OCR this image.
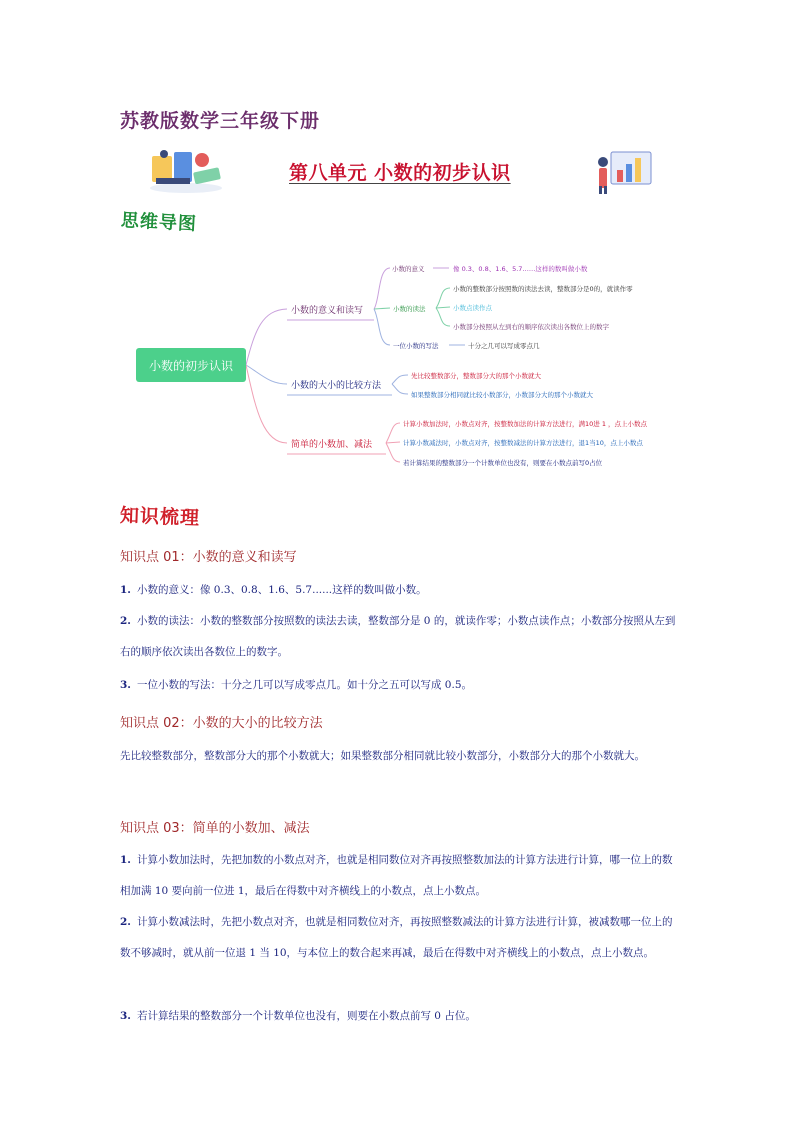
苏教版数学三年级下册
第八单元 小数的初步认识
思维导图
小数的初步认识
小数的意义和读写
小数的大小的比较方法
简单的小数加、减法
小数的意义	像 0.3、0.8、1.6、5.7……这样的数叫做小数
小数的读法
小数的整数部分按照数的读法去读，整数部分是0的，就读作零
小数点读作点
小数部分按照从左到右的顺序依次读出各数位上的数字
一位小数的写法	十分之几可以写成零点几
先比较整数部分，整数部分大的那个小数就大
如果整数部分相同就比较小数部分，小数部分大的那个小数就大
计算小数加法时，小数点对齐，按整数加法的计算方法进行，满10进 1 ，点上小数点
计算小数减法时，小数点对齐，按整数减法的计算方法进行，退1当10，点上小数点
若计算结果的整数部分一个计数单位也没有，则要在小数点前写0占位
知识梳理
知识点 01：小数的意义和读写
1. 小数的意义：像 0.3、0.8、1.6、5.7......这样的数叫做小数。
2. 小数的读法：小数的整数部分按照数的读法去读，整数部分是 0 的，就读作零；小数点读作点；小数部分按照从左到右的顺序依次读出各数位上的数字。
3. 一位小数的写法：十分之几可以写成零点几。如十分之五可以写成 0.5。
知识点 02：小数的大小的比较方法
先比较整数部分，整数部分大的那个小数就大；如果整数部分相同就比较小数部分，小数部分大的那个小数就大。
知识点 03：简单的小数加、减法
1. 计算小数加法时，先把加数的小数点对齐，也就是相同数位对齐再按照整数加法的计算方法进行计算，哪一位上的数相加满 10 要向前一位进 1，最后在得数中对齐横线上的小数点，点上小数点。
2. 计算小数减法时，先把小数点对齐，也就是相同数位对齐，再按照整数减法的计算方法进行计算，被减数哪一位上的数不够减时，就从前一位退 1 当 10，与本位上的数合起来再减，最后在得数中对齐横线上的小数点，点上小数点。
3. 若计算结果的整数部分一个计数单位也没有，则要在小数点前写 0 占位。
